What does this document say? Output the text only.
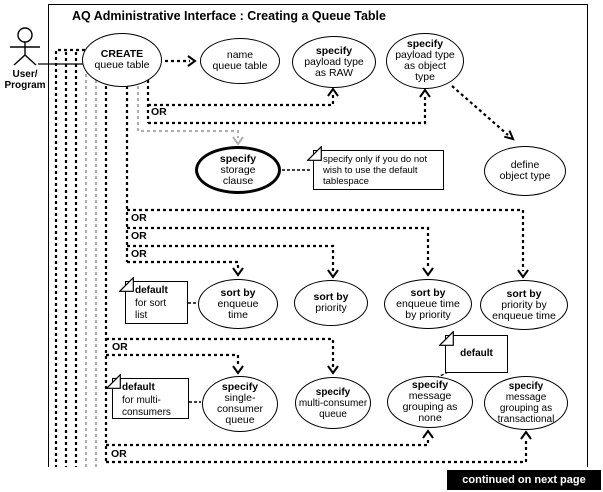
AQ Administrative Interface : Creating a Queue Table
User/
Program
CREATE
queue table
name
queue table
specify
payload type
as RAW
specify
payload type
as object
type
specify
storage
clause
specify only if you do not
wish to use the default
tablespace
define
object type
default
for sort
list
sort by
enqueue
time
sort by
priority
sort by
enqueue time
by priority
sort by
priority by
enqueue time
default
for multi-
consumers
specify
single-
consumer
queue
specify
multi-consumer
queue
default
specify
message
grouping as
none
specify
message
grouping as
transactional
OR
OR
OR
OR
OR
OR
continued on next page
